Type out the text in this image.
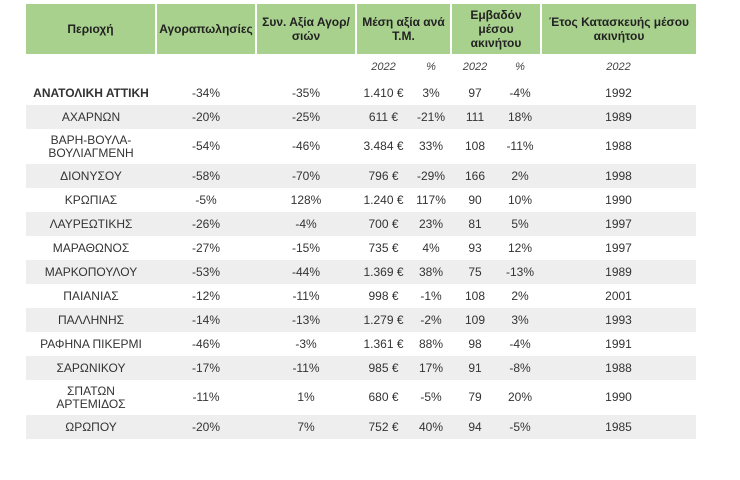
Περιοχή	Αγοραπωλησίες	Συν. Αξία Αγορ/σιών	Μέση αξία ανά Τ.Μ.		Εμβαδόν μέσου ακινήτου		Έτος Κατασκευής μέσου ακινήτου
			2022	%	2022	%	2022
ΑΝΑΤΟΛΙΚΗ ΑΤΤΙΚΗ	-34%	-35%	1.410 €	3%	97	-4%	1992
ΑΧΑΡΝΩΝ	-20%	-25%	611 €	-21%	111	18%	1989
ΒΑΡΗ-ΒΟΥΛΑ-
ΒΟΥΛΙΑΓΜΕΝΗ	-54%	-46%	3.484 €	33%	108	-11%	1988
ΔΙΟΝΥΣΟΥ	-58%	-70%	796 €	-29%	166	2%	1998
ΚΡΩΠΙΑΣ	-5%	128%	1.240 €	117%	90	10%	1990
ΛΑΥΡΕΩΤΙΚΗΣ	-26%	-4%	700 €	23%	81	5%	1997
ΜΑΡΑΘΩΝΟΣ	-27%	-15%	735 €	4%	93	12%	1997
ΜΑΡΚΟΠΟΥΛΟΥ	-53%	-44%	1.369 €	38%	75	-13%	1989
ΠΑΙΑΝΙΑΣ	-12%	-11%	998 €	-1%	108	2%	2001
ΠΑΛΛΗΝΗΣ	-14%	-13%	1.279 €	-2%	109	3%	1993
ΡΑΦΗΝΑ ΠΙΚΕΡΜΙ	-46%	-3%	1.361 €	88%	98	-4%	1991
ΣΑΡΩΝΙΚΟΥ	-17%	-11%	985 €	17%	91	-8%	1988
ΣΠΑΤΩΝ
ΑΡΤΕΜΙΔΟΣ	-11%	1%	680 €	-5%	79	20%	1990
ΩΡΩΠΟΥ	-20%	7%	752 €	40%	94	-5%	1985
